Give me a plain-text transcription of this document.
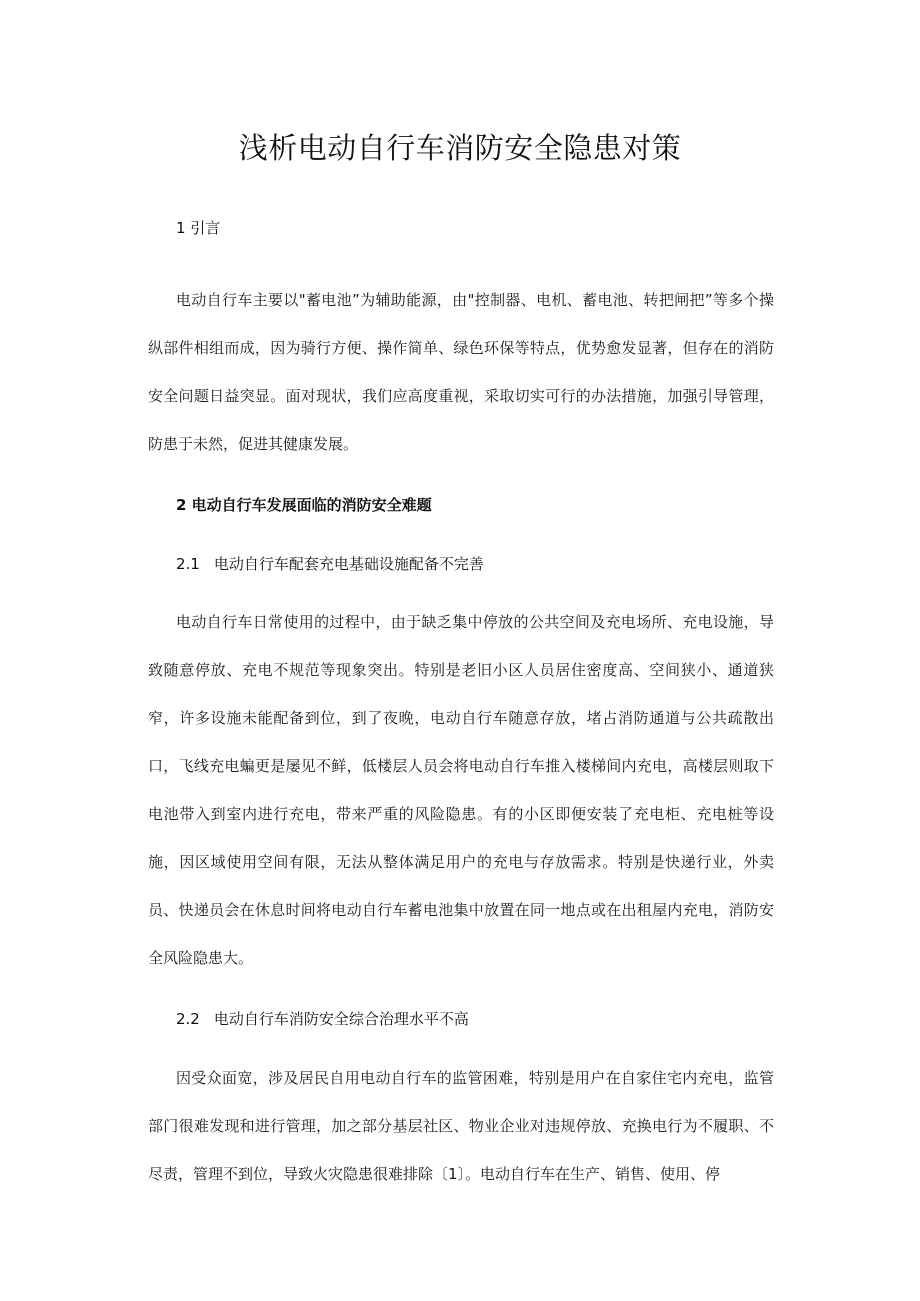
浅析电动自行车消防安全隐患对策
1 引言

电动自行车主要以"蓄电池”为辅助能源，由"控制器、电机、蓄电池、转把闸把”等多个操纵部件相组而成，因为骑行方便、操作简单、绿色环保等特点，优势愈发显著，但存在的消防安全问题日益突显。面对现状，我们应高度重视，采取切实可行的办法措施，加强引导管理，防患于未然，促进其健康发展。

2 电动自行车发展面临的消防安全难题
2.1 电动自行车配套充电基础设施配备不完善

电动自行车日常使用的过程中，由于缺乏集中停放的公共空间及充电场所、充电设施，导致随意停放、充电不规范等现象突出。特别是老旧小区人员居住密度高、空间狭小、通道狭窄，许多设施未能配备到位，到了夜晚，电动自行车随意存放，堵占消防通道与公共疏散出口，飞线充电蝙更是屡见不鲜，低楼层人员会将电动自行车推入楼梯间内充电，高楼层则取下电池带入到室内进行充电，带来严重的风险隐患。有的小区即便安装了充电柜、充电桩等设施，因区域使用空间有限，无法从整体满足用户的充电与存放需求。特别是快递行业，外卖员、快递员会在休息时间将电动自行车蓄电池集中放置在同一地点或在出租屋内充电，消防安全风险隐患大。

2.2 电动自行车消防安全综合治理水平不高

因受众面宽，涉及居民自用电动自行车的监管困难，特别是用户在自家住宅内充电，监管部门很难发现和进行管理，加之部分基层社区、物业企业对违规停放、充换电行为不履职、不尽责，管理不到位，导致火灾隐患很难排除〔1〕。电动自行车在生产、销售、使用、停
